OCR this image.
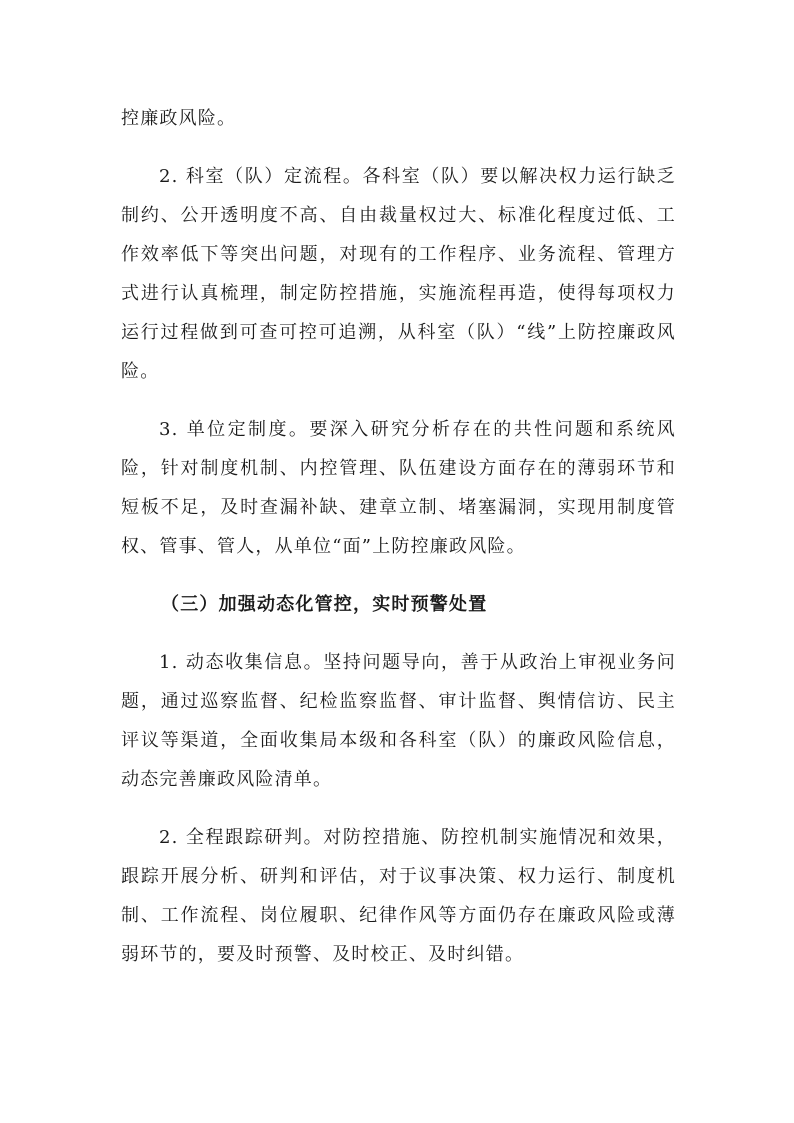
控廉政风险。

2. 科室（队）定流程。各科室（队）要以解决权力运行缺乏制约、公开透明度不高、自由裁量权过大、标准化程度过低、工作效率低下等突出问题，对现有的工作程序、业务流程、管理方式进行认真梳理，制定防控措施，实施流程再造，使得每项权力运行过程做到可查可控可追溯，从科室（队）“线”上防控廉政风险。

3. 单位定制度。要深入研究分析存在的共性问题和系统风险，针对制度机制、内控管理、队伍建设方面存在的薄弱环节和短板不足，及时查漏补缺、建章立制、堵塞漏洞，实现用制度管权、管事、管人，从单位“面”上防控廉政风险。

（三）加强动态化管控，实时预警处置

1. 动态收集信息。坚持问题导向，善于从政治上审视业务问题，通过巡察监督、纪检监察监督、审计监督、舆情信访、民主评议等渠道，全面收集局本级和各科室（队）的廉政风险信息，动态完善廉政风险清单。

2. 全程跟踪研判。对防控措施、防控机制实施情况和效果，跟踪开展分析、研判和评估，对于议事决策、权力运行、制度机制、工作流程、岗位履职、纪律作风等方面仍存在廉政风险或薄弱环节的，要及时预警、及时校正、及时纠错。
